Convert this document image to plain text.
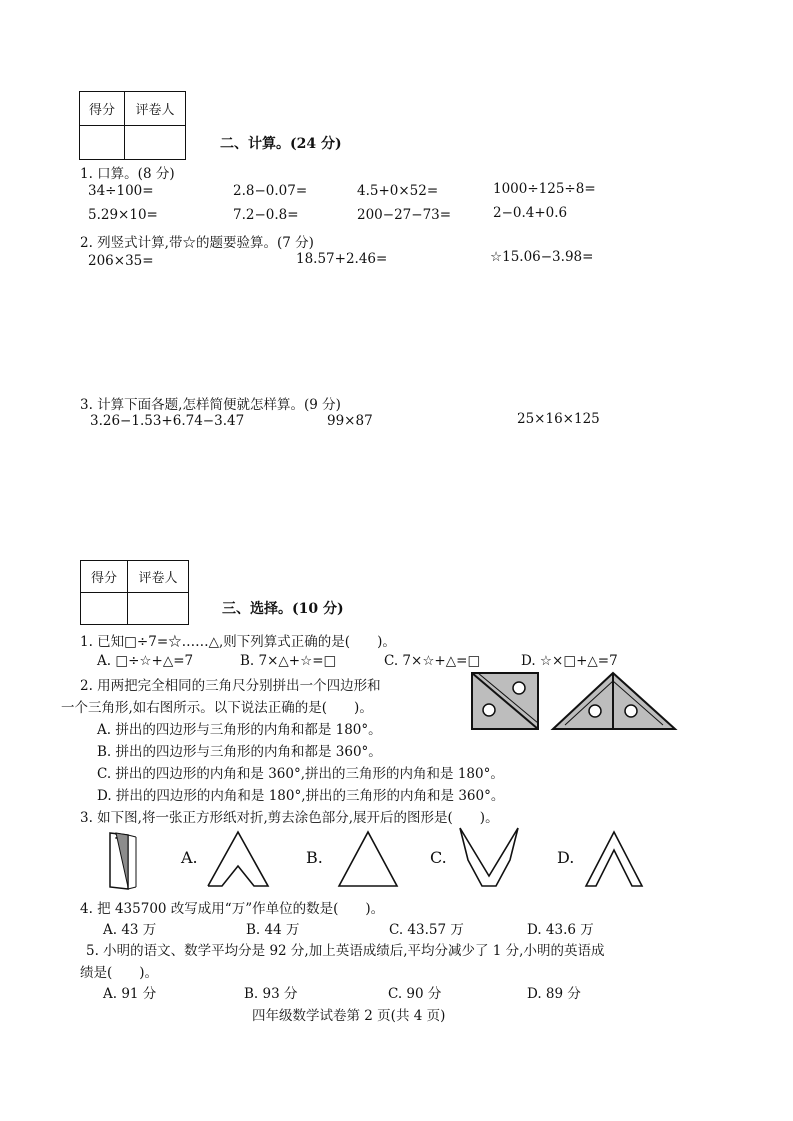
得分	评卷人

二、计算。(24 分)
1. 口算。(8 分)
34÷100=	2.8−0.07=	4.5+0×52=	1000÷125÷8=
5.29×10=	7.2−0.8=	200−27−73=	2−0.4+0.6
2. 列竖式计算,带☆的题要验算。(7 分)
206×35=	18.57+2.46=	☆15.06−3.98=
3. 计算下面各题,怎样简便就怎样算。(9 分)
3.26−1.53+6.74−3.47	99×87	25×16×125
得分	评卷人

三、选择。(10 分)
1. 已知□÷7=☆……△,则下列算式正确的是(　　)。
A. □÷☆+△=7	B. 7×△+☆=□	C. 7×☆+△=□	D. ☆×□+△=7
2. 用两把完全相同的三角尺分别拼出一个四边形和
一个三角形,如右图所示。以下说法正确的是(　　)。
A. 拼出的四边形与三角形的内角和都是 180°。
B. 拼出的四边形与三角形的内角和都是 360°。
C. 拼出的四边形的内角和是 360°,拼出的三角形的内角和是 180°。
D. 拼出的四边形的内角和是 180°,拼出的三角形的内角和是 360°。
3. 如下图,将一张正方形纸对折,剪去涂色部分,展开后的图形是(　　)。
A.	B.	C.	D.
4. 把 435700 改写成用“万”作单位的数是(　　)。
A. 43 万	B. 44 万	C. 43.57 万	D. 43.6 万
5. 小明的语文、数学平均分是 92 分,加上英语成绩后,平均分减少了 1 分,小明的英语成
绩是(　　)。
A. 91 分	B. 93 分	C. 90 分	D. 89 分
四年级数学试卷第 2 页(共 4 页)
